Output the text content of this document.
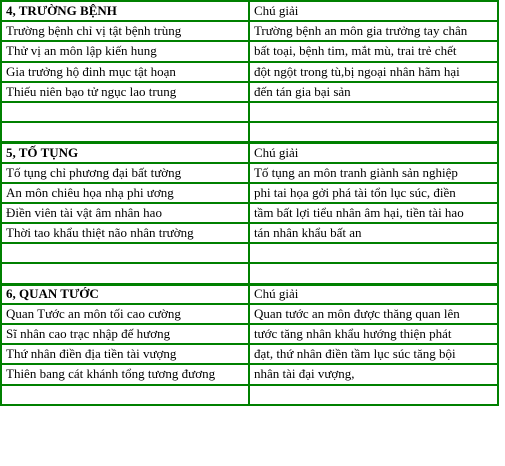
4, TRƯỜNG BỆNH	Chú giải
Trường bệnh chỉ vị tật bệnh trùng	Trường bệnh an môn gia trưởng tay chân
Thử vị an môn lập kiến hung	bất toại, bệnh tim, mắt mù, trai trẻ chết
Gia trưởng hộ đinh mục tật hoạn	đột ngột trong tù,bị ngoại nhân hãm hại
Thiếu niên bạo tử ngục lao trung	đến tán gia bại sản

5, TỐ TỤNG	Chú giải
Tố tụng chỉ phương đại bất tường	Tố tụng an môn tranh giành sản nghiệp
An môn chiêu họa nhạ phi ương	phi tai họa gởi phá tài tổn lục súc, điền
Điền viên tài vật âm nhân hao	tầm bất lợi tiểu nhân âm hại, tiền tài hao
Thời tao khẩu thiệt não nhân trường	tán nhân khẩu bất an

6, QUAN TƯỚC	Chú giải
Quan Tước an môn tối cao cường	Quan tước an môn được thăng quan lên
Sĩ nhân cao trạc nhập đế hương	tước tăng nhân khẩu hướng thiện phát
Thứ nhân điền địa tiền tài vượng	đạt, thứ nhân điền tầm lục súc tăng bội
Thiên bang cát khánh tổng tương đương	nhân tài đại vượng,
